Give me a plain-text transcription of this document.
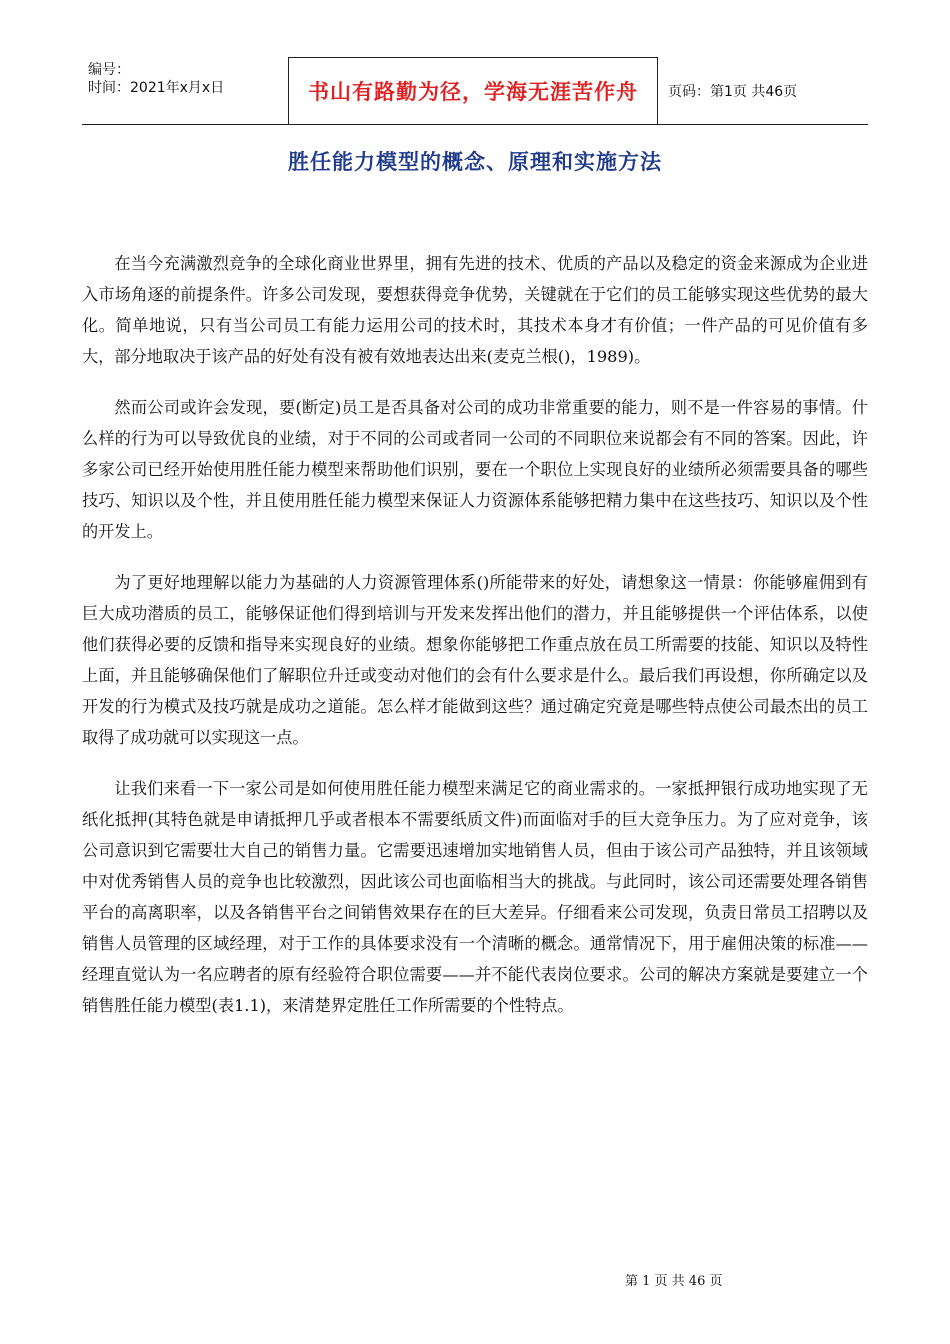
编号：
时间：2021年x月x日	书山有路勤为径，学海无涯苦作舟	页码：第1页 共46页
胜任能力模型的概念、原理和实施方法

在当今充满激烈竞争的全球化商业世界里，拥有先进的技术、优质的产品以及稳定的资金来源成为企业进入市场角逐的前提条件。许多公司发现，要想获得竞争优势，关键就在于它们的员工能够实现这些优势的最大化。简单地说，只有当公司员工有能力运用公司的技术时，其技术本身才有价值；一件产品的可见价值有多大，部分地取决于该产品的好处有没有被有效地表达出来(麦克兰根()，1989)。

然而公司或许会发现，要(断定)员工是否具备对公司的成功非常重要的能力，则不是一件容易的事情。什么样的行为可以导致优良的业绩，对于不同的公司或者同一公司的不同职位来说都会有不同的答案。因此，许多家公司已经开始使用胜任能力模型来帮助他们识别，要在一个职位上实现良好的业绩所必须需要具备的哪些技巧、知识以及个性，并且使用胜任能力模型来保证人力资源体系能够把精力集中在这些技巧、知识以及个性的开发上。

为了更好地理解以能力为基础的人力资源管理体系()所能带来的好处，请想象这一情景：你能够雇佣到有巨大成功潜质的员工，能够保证他们得到培训与开发来发挥出他们的潜力，并且能够提供一个评估体系，以使他们获得必要的反馈和指导来实现良好的业绩。想象你能够把工作重点放在员工所需要的技能、知识以及特性上面，并且能够确保他们了解职位升迁或变动对他们的会有什么要求是什么。最后我们再设想，你所确定以及开发的行为模式及技巧就是成功之道能。怎么样才能做到这些？通过确定究竟是哪些特点使公司最杰出的员工取得了成功就可以实现这一点。

让我们来看一下一家公司是如何使用胜任能力模型来满足它的商业需求的。一家抵押银行成功地实现了无纸化抵押(其特色就是申请抵押几乎或者根本不需要纸质文件)而面临对手的巨大竞争压力。为了应对竞争，该公司意识到它需要壮大自己的销售力量。它需要迅速增加实地销售人员，但由于该公司产品独特，并且该领域中对优秀销售人员的竞争也比较激烈，因此该公司也面临相当大的挑战。与此同时，该公司还需要处理各销售平台的高离职率，以及各销售平台之间销售效果存在的巨大差异。仔细看来公司发现，负责日常员工招聘以及销售人员管理的区域经理，对于工作的具体要求没有一个清晰的概念。通常情况下，用于雇佣决策的标准——经理直觉认为一名应聘者的原有经验符合职位需要——并不能代表岗位要求。公司的解决方案就是要建立一个销售胜任能力模型(表1.1)，来清楚界定胜任工作所需要的个性特点。

第 1 页 共 46 页
